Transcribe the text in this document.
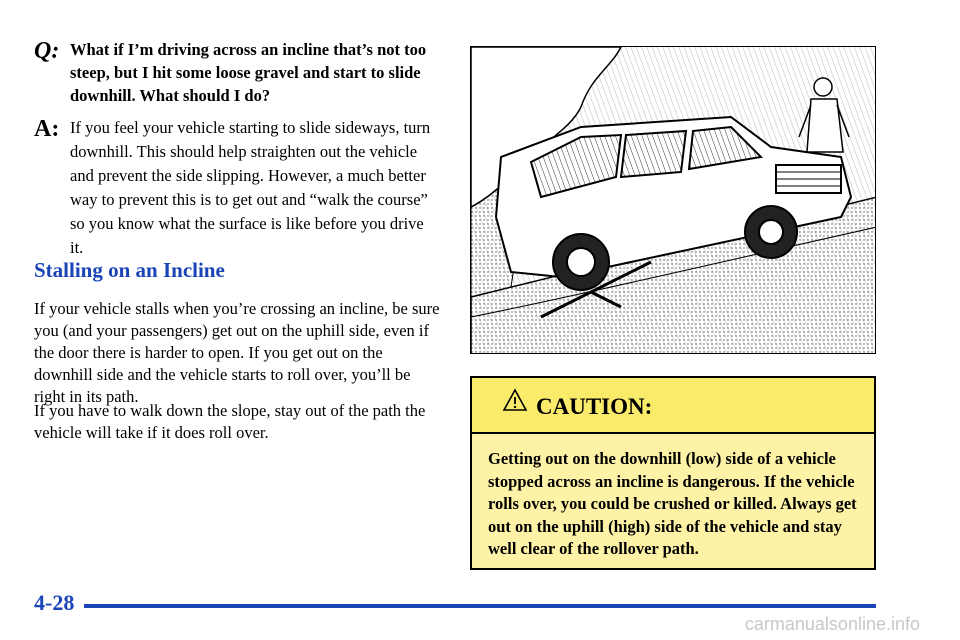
Q: What if I’m driving across an incline that’s not too steep, but I hit some loose gravel and start to slide downhill. What should I do?
A: If you feel your vehicle starting to slide sideways, turn downhill. This should help straighten out the vehicle and prevent the side slipping. However, a much better way to prevent this is to get out and “walk the course” so you know what the surface is like before you drive it.
Stalling on an Incline
If your vehicle stalls when you’re crossing an incline, be sure you (and your passengers) get out on the uphill side, even if the door there is harder to open. If you get out on the downhill side and the vehicle starts to roll over, you’ll be right in its path.
If you have to walk down the slope, stay out of the path the vehicle will take if it does roll over.
CAUTION:
Getting out on the downhill (low) side of a vehicle stopped across an incline is dangerous. If the vehicle rolls over, you could be crushed or killed. Always get out on the uphill (high) side of the vehicle and stay well clear of the rollover path.
4-28
carmanualsonline.info
